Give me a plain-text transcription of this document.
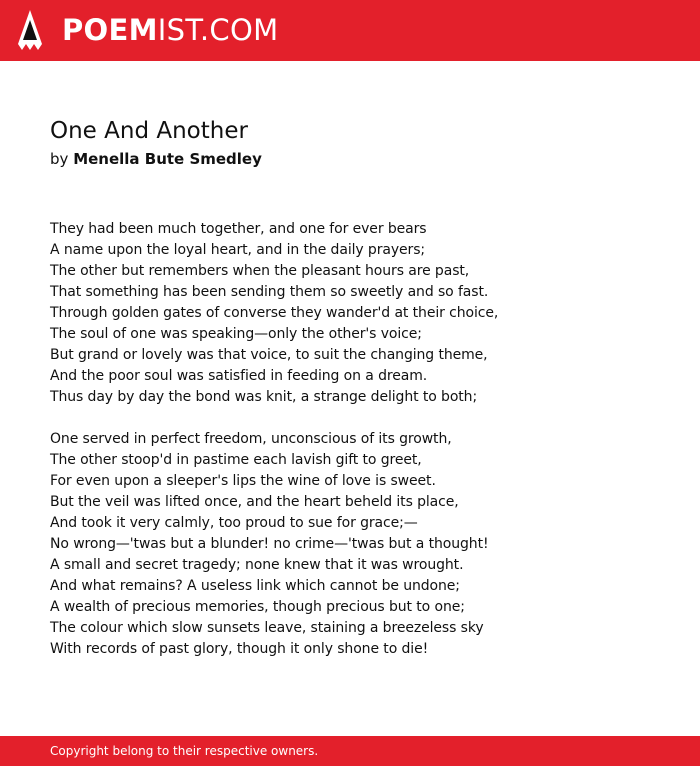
POEMIST.COM
One And Another
by Menella Bute Smedley
They had been much together, and one for ever bears
A name upon the loyal heart, and in the daily prayers;
The other but remembers when the pleasant hours are past,
That something has been sending them so sweetly and so fast.
Through golden gates of converse they wander'd at their choice,
The soul of one was speaking—only the other's voice;
But grand or lovely was that voice, to suit the changing theme,
And the poor soul was satisfied in feeding on a dream.
Thus day by day the bond was knit, a strange delight to both;
One served in perfect freedom, unconscious of its growth,
The other stoop'd in pastime each lavish gift to greet,
For even upon a sleeper's lips the wine of love is sweet.
But the veil was lifted once, and the heart beheld its place,
And took it very calmly, too proud to sue for grace;—
No wrong—'twas but a blunder! no crime—'twas but a thought!
A small and secret tragedy; none knew that it was wrought.
And what remains? A useless link which cannot be undone;
A wealth of precious memories, though precious but to one;
The colour which slow sunsets leave, staining a breezeless sky
With records of past glory, though it only shone to die!
Copyright belong to their respective owners.
